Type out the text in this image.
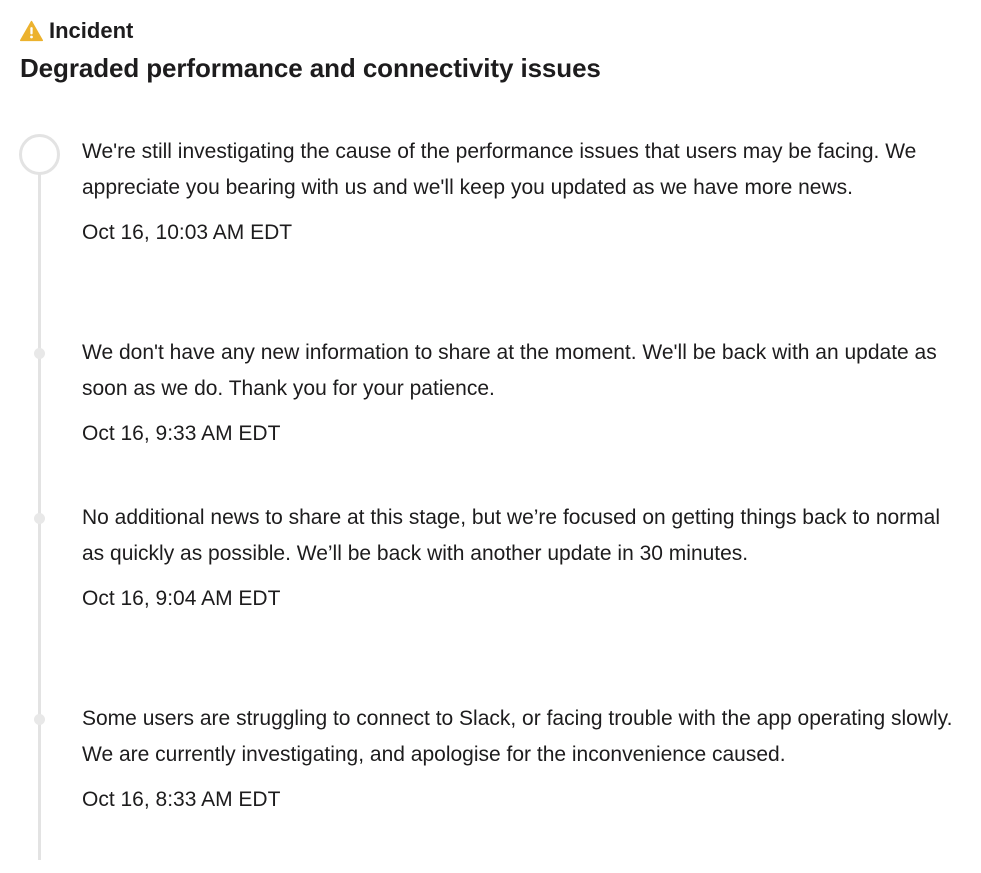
Incident
Degraded performance and connectivity issues

We're still investigating the cause of the performance issues that users may be facing. We appreciate you bearing with us and we'll keep you updated as we have more news.

Oct 16, 10:03 AM EDT

We don't have any new information to share at the moment. We'll be back with an update as soon as we do. Thank you for your patience.

Oct 16, 9:33 AM EDT

No additional news to share at this stage, but we’re focused on getting things back to normal as quickly as possible. We’ll be back with another update in 30 minutes.

Oct 16, 9:04 AM EDT

Some users are struggling to connect to Slack, or facing trouble with the app operating slowly. We are currently investigating, and apologise for the inconvenience caused.

Oct 16, 8:33 AM EDT
